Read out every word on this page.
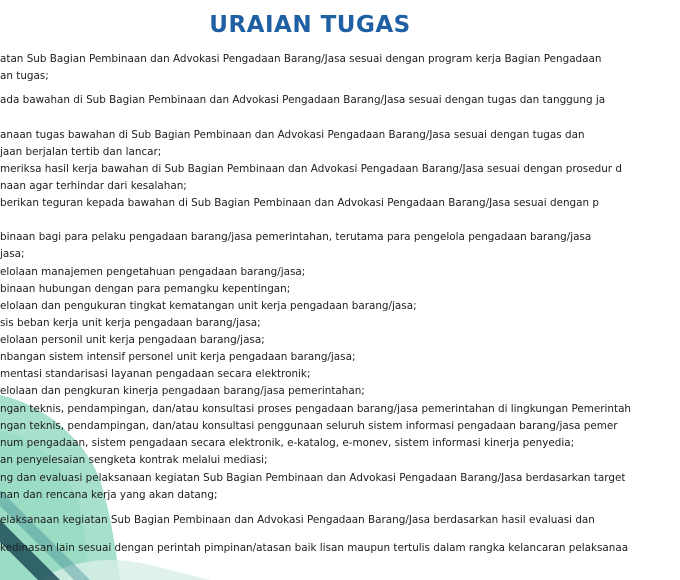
URAIAN TUGAS
atan Sub Bagian Pembinaan dan Advokasi Pengadaan Barang/Jasa sesuai dengan program kerja Bagian Pengadaan
an tugas;
ada bawahan di Sub Bagian Pembinaan dan Advokasi Pengadaan Barang/Jasa sesuai dengan tugas dan tanggung ja
anaan tugas bawahan di Sub Bagian Pembinaan dan Advokasi Pengadaan Barang/Jasa sesuai dengan tugas dan
jaan berjalan tertib dan lancar;
meriksa hasil kerja bawahan di Sub Bagian Pembinaan dan Advokasi Pengadaan Barang/Jasa sesuai dengan prosedur d
naan agar terhindar dari kesalahan;
berikan teguran kepada bawahan di Sub Bagian Pembinaan dan Advokasi Pengadaan Barang/Jasa sesuai dengan p
binaan bagi para pelaku pengadaan barang/jasa pemerintahan, terutama para pengelola pengadaan barang/jasa
jasa;
elolaan manajemen pengetahuan pengadaan barang/jasa;
binaan hubungan dengan para pemangku kepentingan;
elolaan dan pengukuran tingkat kematangan unit kerja pengadaan barang/jasa;
sis beban kerja unit kerja pengadaan barang/jasa;
elolaan personil unit kerja pengadaan barang/jasa;
nbangan sistem intensif personel unit kerja pengadaan barang/jasa;
mentasi standarisasi layanan pengadaan secara elektronik;
elolaan dan pengkuran kinerja pengadaan barang/jasa pemerintahan;
ngan teknis, pendampingan, dan/atau konsultasi proses pengadaan barang/jasa pemerintahan di lingkungan Pemerintah
ngan teknis, pendampingan, dan/atau konsultasi penggunaan seluruh sistem informasi pengadaan barang/jasa pemer
num pengadaan, sistem pengadaan secara elektronik, e-katalog, e-monev, sistem informasi kinerja penyedia;
an penyelesaian sengketa kontrak melalui mediasi;
ng dan evaluasi pelaksanaan kegiatan Sub Bagian Pembinaan dan Advokasi Pengadaan Barang/Jasa berdasarkan target
nan dan rencana kerja yang akan datang;
elaksanaan kegiatan Sub Bagian Pembinaan dan Advokasi Pengadaan Barang/Jasa berdasarkan hasil evaluasi dan
kedinasan lain sesuai dengan perintah pimpinan/atasan baik lisan maupun tertulis dalam rangka kelancaran pelaksanaa
